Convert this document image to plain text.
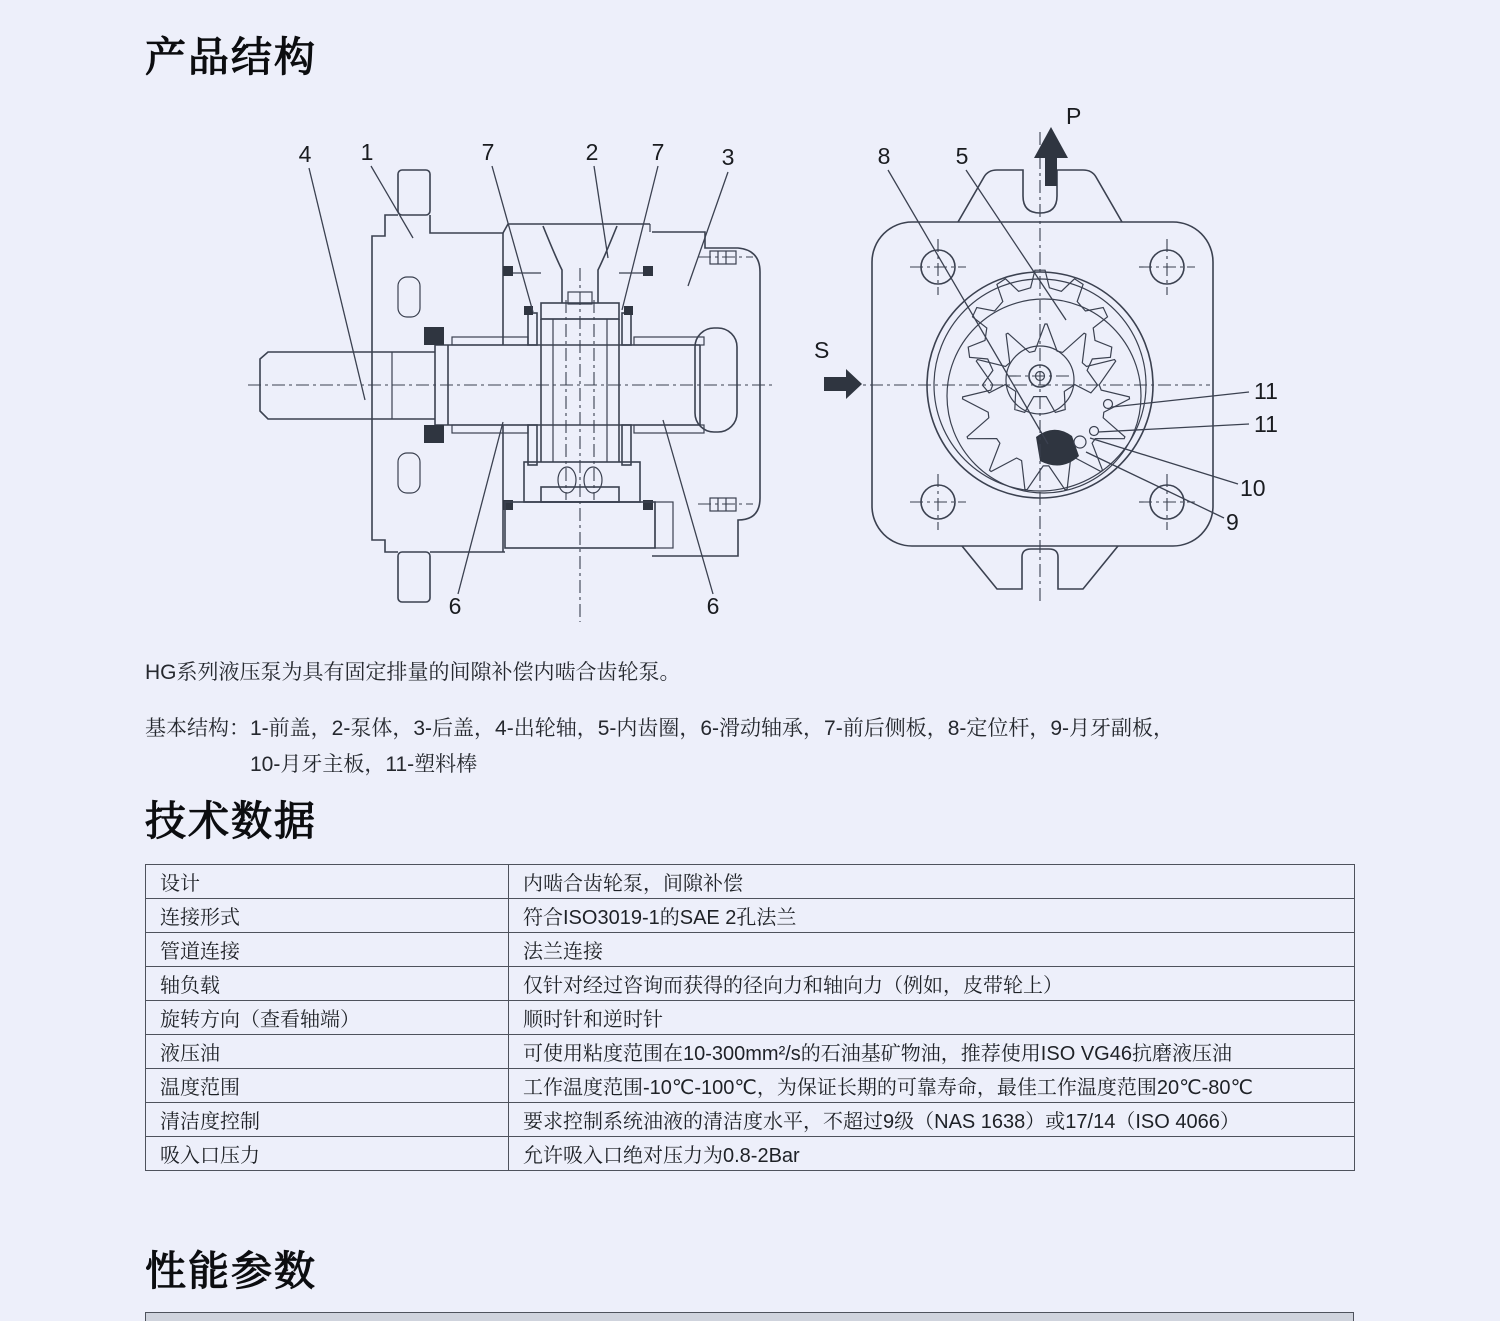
产品结构
4 1	7	2 7 3
6	6
P
S
8	5
11
11
10
9

HG系列液压泵为具有固定排量的间隙补偿内啮合齿轮泵。

基本结构：1-前盖，2-泵体，3-后盖，4-出轮轴，5-内齿圈，6-滑动轴承，7-前后侧板，8-定位杆，9-月牙副板，

10-月牙主板，11-塑料棒

技术数据
设计	内啮合齿轮泵，间隙补偿
连接形式	符合ISO3019-1的SAE 2孔法兰
管道连接	法兰连接
轴负载	仅针对经过咨询而获得的径向力和轴向力（例如，皮带轮上）
旋转方向（查看轴端）	顺时针和逆时针
液压油	可使用粘度范围在10-300mm²/s的石油基矿物油，推荐使用ISO VG46抗磨液压油
温度范围	工作温度范围-10℃-100℃，为保证长期的可靠寿命，最佳工作温度范围20℃-80℃
清洁度控制	要求控制系统油液的清洁度水平，不超过9级（NAS 1638）或17/14（ISO 4066）
吸入口压力	允许吸入口绝对压力为0.8-2Bar
性能参数
